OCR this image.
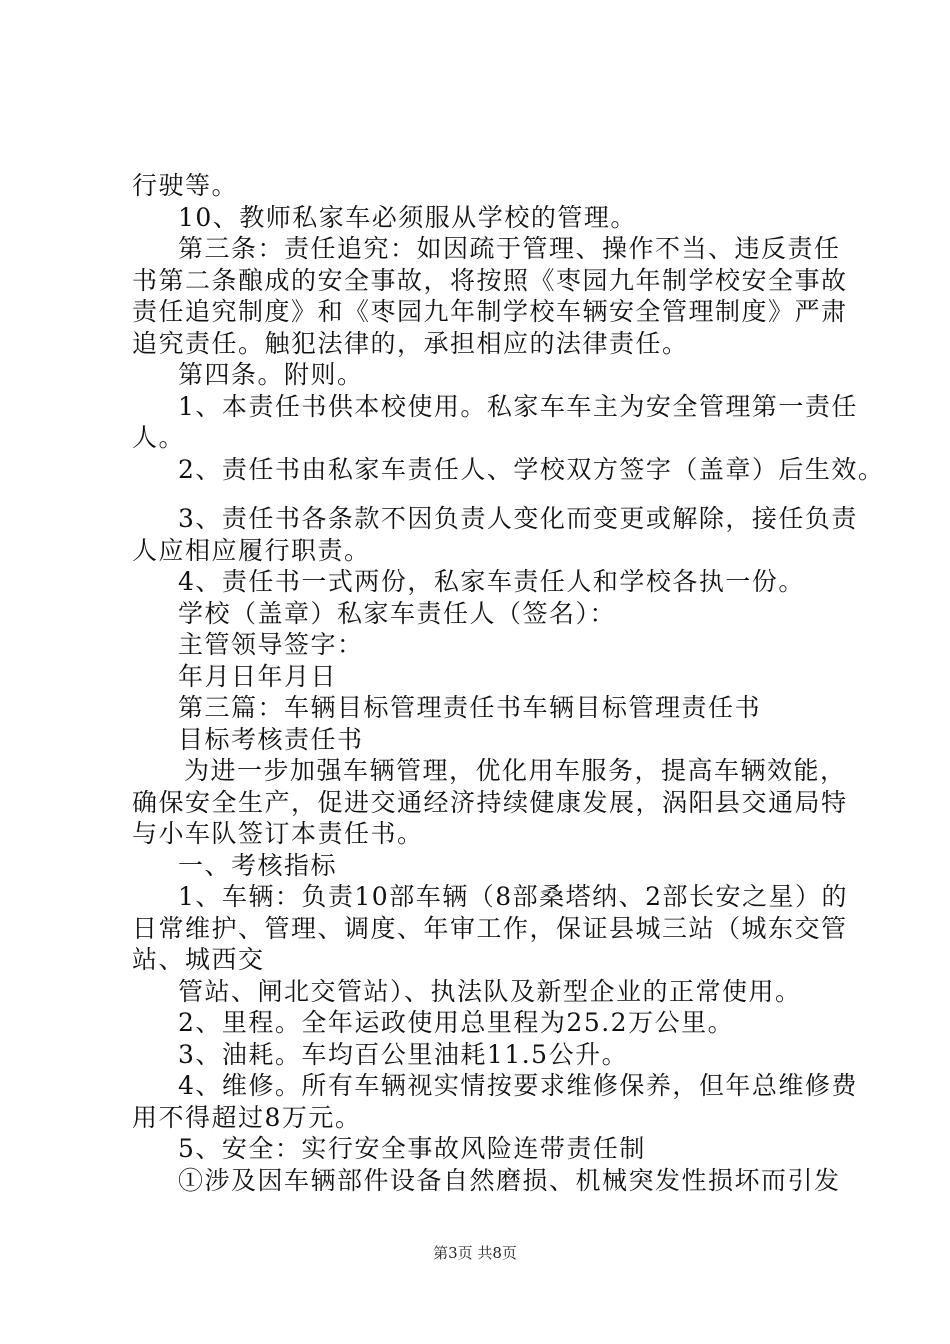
行驶等。
10、教师私家车必须服从学校的管理。
第三条：责任追究：如因疏于管理、操作不当、违反责任
书第二条酿成的安全事故，将按照《枣园九年制学校安全事故
责任追究制度》和《枣园九年制学校车辆安全管理制度》严肃
追究责任。触犯法律的，承担相应的法律责任。
第四条。附则。
1、本责任书供本校使用。私家车车主为安全管理第一责任
人。
2、责任书由私家车责任人、学校双方签字（盖章）后生效。
3、责任书各条款不因负责人变化而变更或解除，接任负责
人应相应履行职责。
4、责任书一式两份，私家车责任人和学校各执一份。
学校（盖章）私家车责任人（签名）：
主管领导签字：
年月日年月日
第三篇：车辆目标管理责任书车辆目标管理责任书
目标考核责任书
为进一步加强车辆管理，优化用车服务，提高车辆效能，
确保安全生产，促进交通经济持续健康发展，涡阳县交通局特
与小车队签订本责任书。
一、考核指标
1、车辆：负责10部车辆（8部桑塔纳、2部长安之星）的
日常维护、管理、调度、年审工作，保证县城三站（城东交管
站、城西交
管站、闸北交管站）、执法队及新型企业的正常使用。
2、里程。全年运政使用总里程为25.2万公里。
3、油耗。车均百公里油耗11.5公升。
4、维修。所有车辆视实情按要求维修保养，但年总维修费
用不得超过8万元。
5、安全：实行安全事故风险连带责任制
①涉及因车辆部件设备自然磨损、机械突发性损坏而引发
第3页 共8页
